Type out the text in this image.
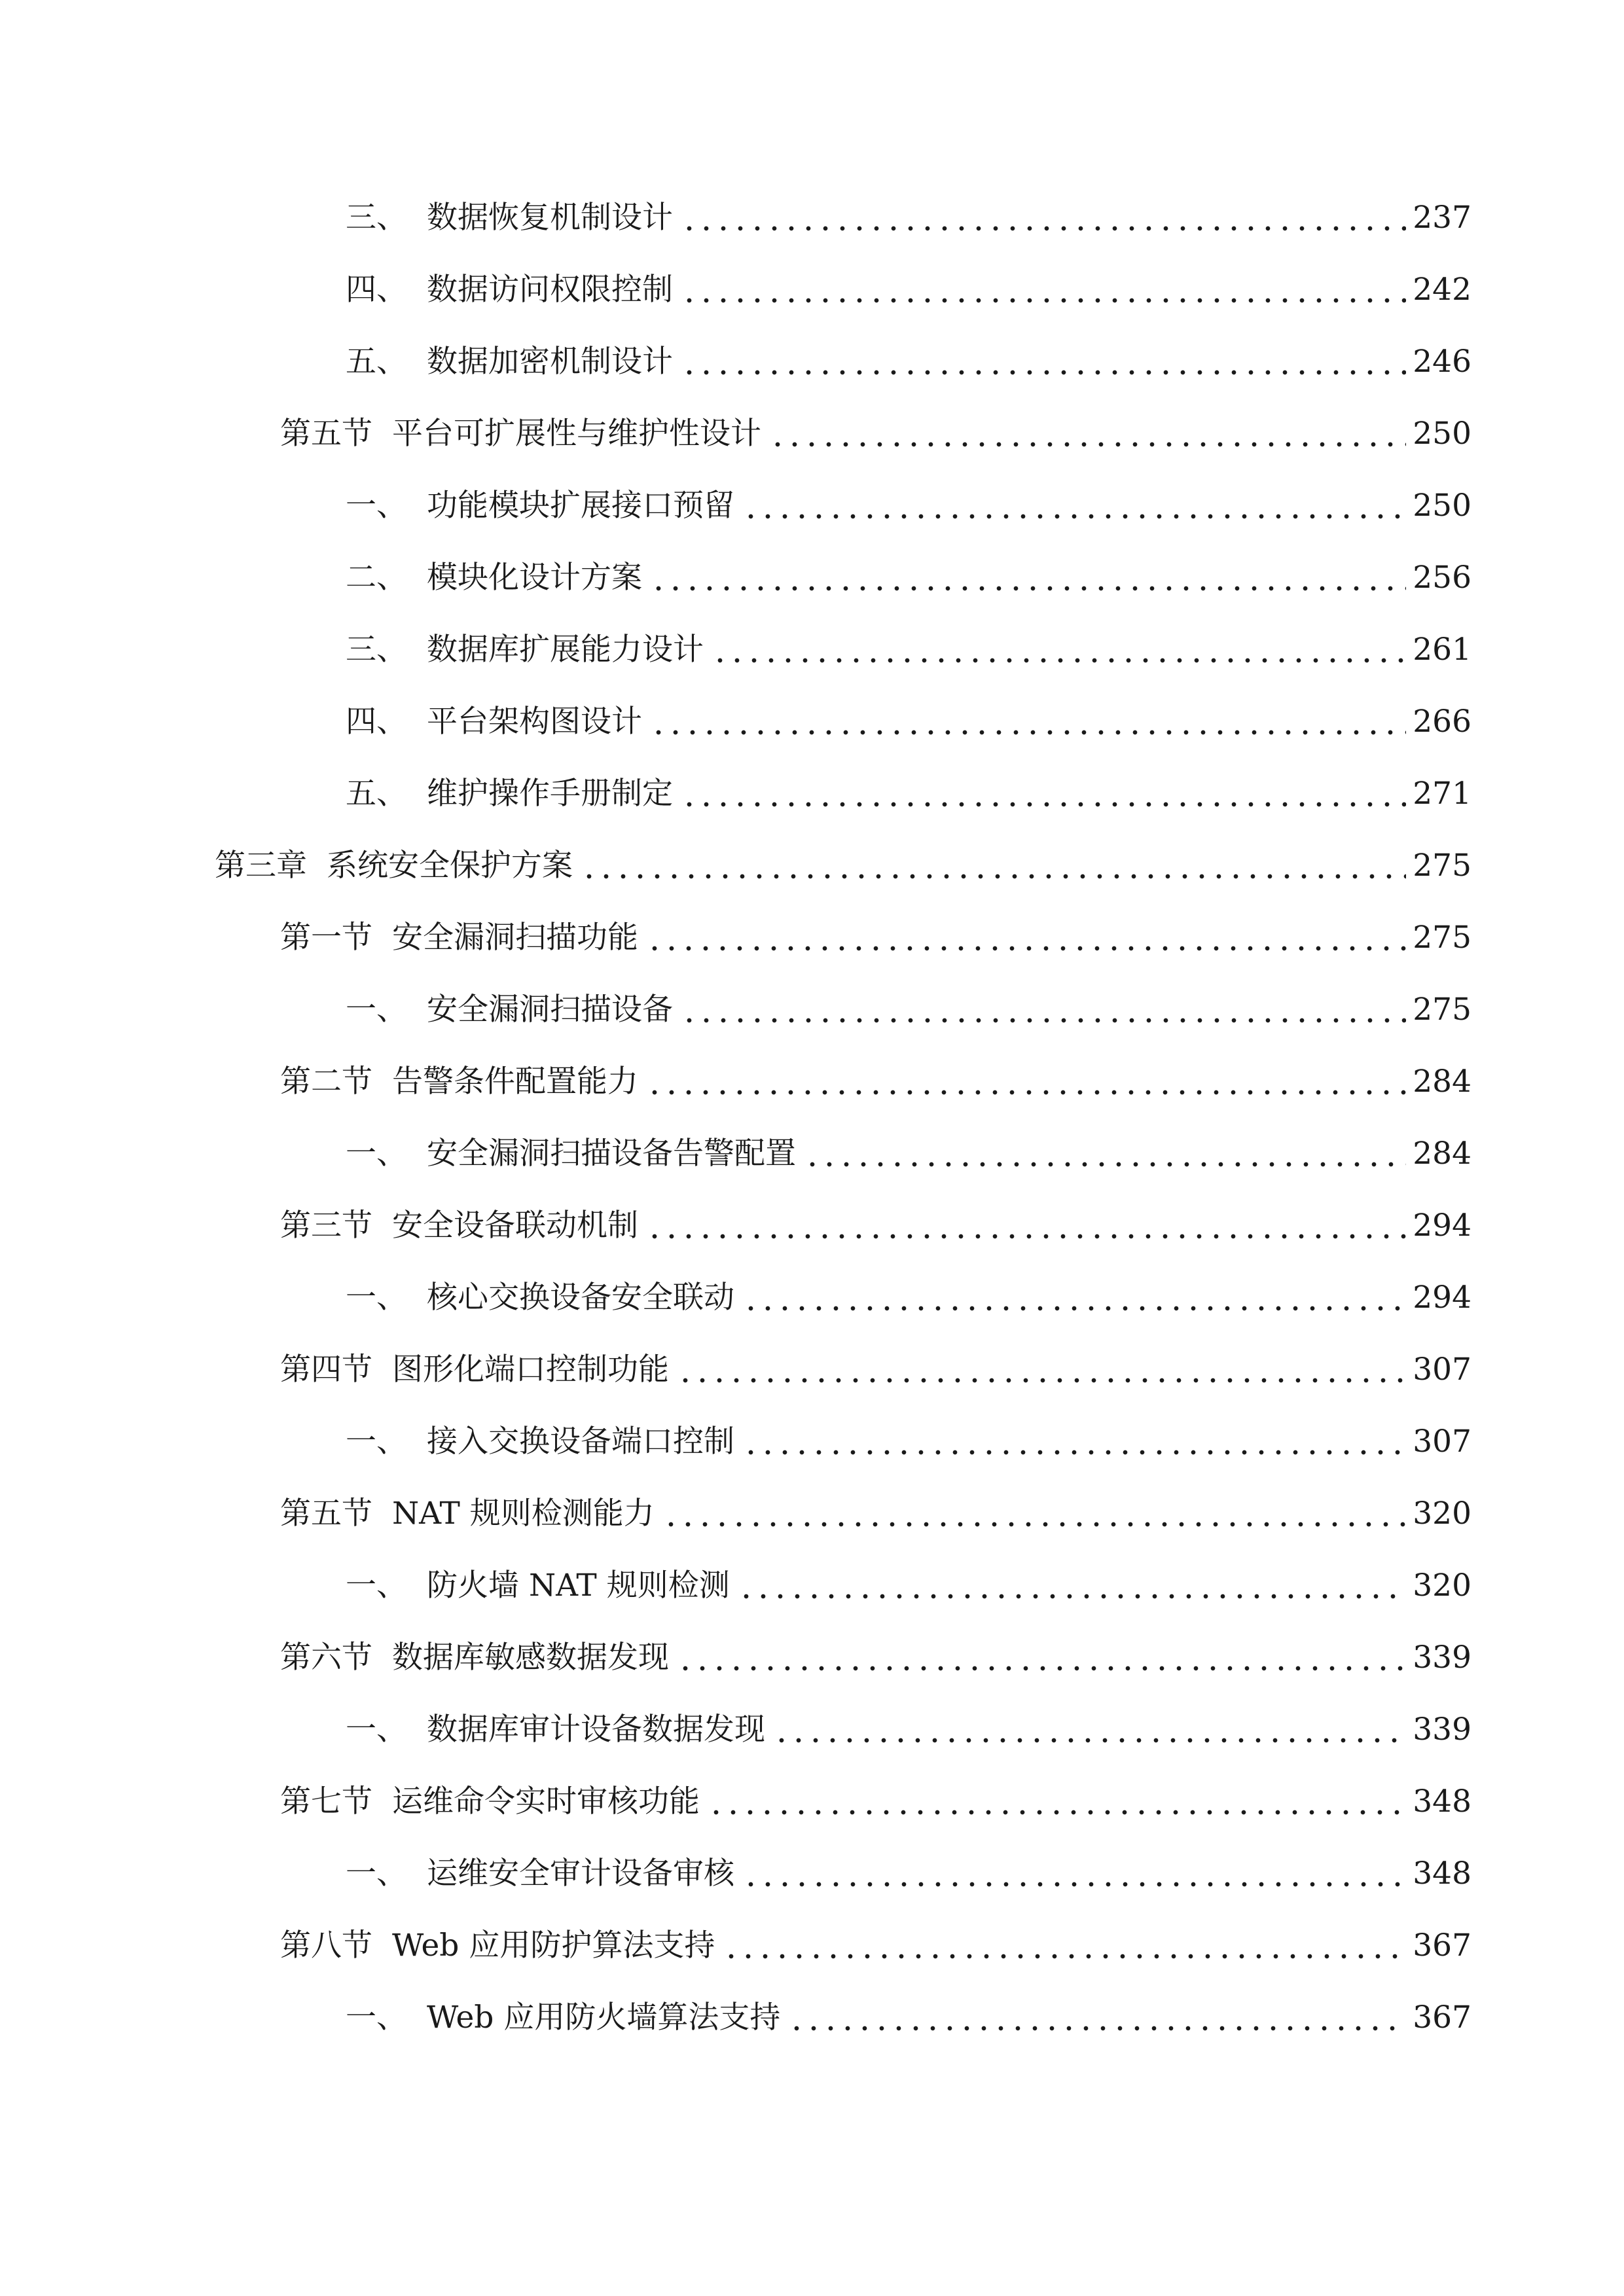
三、 数据恢复机制设计	237
四、 数据访问权限控制	242
五、 数据加密机制设计	246
第五节 平台可扩展性与维护性设计	250
一、 功能模块扩展接口预留	250
二、 模块化设计方案	256
三、 数据库扩展能力设计	261
四、 平台架构图设计	266
五、 维护操作手册制定	271
第三章 系统安全保护方案	275
第一节 安全漏洞扫描功能	275
一、 安全漏洞扫描设备	275
第二节 告警条件配置能力	284
一、 安全漏洞扫描设备告警配置	284
第三节 安全设备联动机制	294
一、 核心交换设备安全联动	294
第四节 图形化端口控制功能	307
一、 接入交换设备端口控制	307
第五节 NAT 规则检测能力	320
一、 防火墙 NAT 规则检测	320
第六节 数据库敏感数据发现	339
一、 数据库审计设备数据发现	339
第七节 运维命令实时审核功能	348
一、 运维安全审计设备审核	348
第八节 Web 应用防护算法支持	367
一、 Web 应用防火墙算法支持	367
